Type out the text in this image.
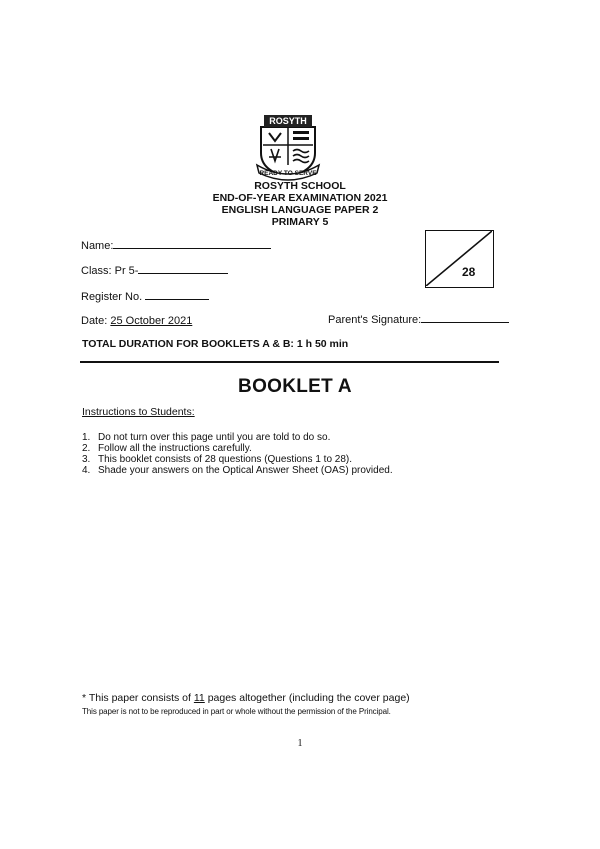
ROSYTH
READY TO SERVE
ROSYTH SCHOOL
END-OF-YEAR EXAMINATION 2021
ENGLISH LANGUAGE PAPER 2
PRIMARY 5
Name:
Class: Pr 5-
Register No.
Date: 25 October 2021	Parent's Signature:
28
TOTAL DURATION FOR BOOKLETS A & B: 1 h 50 min
BOOKLET A
Instructions to Students:
1. Do not turn over this page until you are told to do so.
2. Follow all the instructions carefully.
3. This booklet consists of 28 questions (Questions 1 to 28).
4. Shade your answers on the Optical Answer Sheet (OAS) provided.
* This paper consists of 11 pages altogether (including the cover page)
This paper is not to be reproduced in part or whole without the permission of the Principal.
1
